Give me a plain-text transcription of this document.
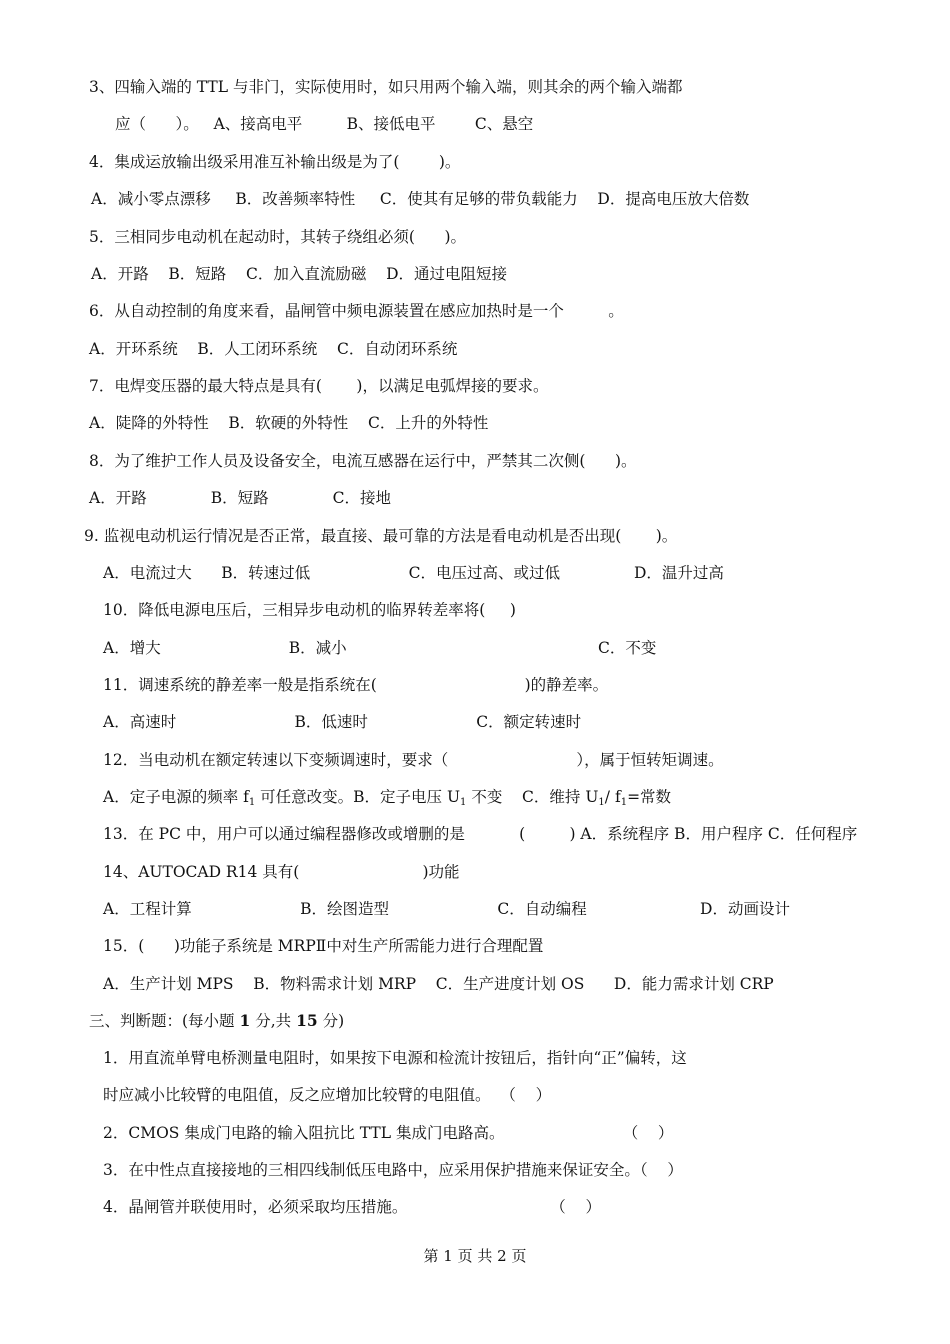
3、四输入端的 TTL 与非门，实际使用时，如只用两个输入端，则其余的两个输入端都
应（      ）。   A、接高电平         B、接低电平        C、悬空
4．集成运放输出级采用准互补输出级是为了(        )。
A．减小零点漂移     B．改善频率特性     C．使其有足够的带负载能力    D．提高电压放大倍数
5．三相同步电动机在起动时，其转子绕组必须(      )。
A．开路    B．短路    C．加入直流励磁    D．通过电阻短接
6．从自动控制的角度来看，晶闸管中频电源装置在感应加热时是一个         。
A．开环系统    B．人工闭环系统    C．自动闭环系统
7．电焊变压器的最大特点是具有(       )，以满足电弧焊接的要求。
A．陡降的外特性    B．软硬的外特性    C．上升的外特性
8．为了维护工作人员及设备安全，电流互感器在运行中，严禁其二次侧(      )。
A．开路             B．短路             C．接地
9. 监视电动机运行情况是否正常，最直接、最可靠的方法是看电动机是否出现(       )。
A．电流过大      B．转速过低                    C．电压过高、或过低               D．温升过高
10．降低电源电压后，三相异步电动机的临界转差率将(     )
A．增大                          B．减小                                                   C．不变
11．调速系统的静差率一般是指系统在(                              )的静差率。
A．高速时                        B．低速时                      C．额定转速时
12．当电动机在额定转速以下变频调速时，要求（                          ），属于恒转矩调速。
A．定子电源的频率 $f_1$ 可任意改变。B．定子电压 $U_1$ 不变    C．维持 $U_1/$ $f_1=$常数
13．在 PC 中，用户可以通过编程器修改或增删的是           (         ) A．系统程序 B．用户程序 C．任何程序
14、AUTOCAD R14 具有(                         )功能
A．工程计算                      B．绘图造型                      C．自动编程                       D．动画设计
15．(      )功能子系统是 MRPⅡ中对生产所需能力进行合理配置
A．生产计划 MPS    B．物料需求计划 MRP    C．生产进度计划 OS      D．能力需求计划 CRP
三、判断题：(每小题 1 分,共 15 分)
1．用直流单臂电桥测量电阻时，如果按下电源和检流计按钮后，指针向“正”偏转，这
时应减小比较臂的电阻值，反之应增加比较臂的电阻值。  （    ）
2．CMOS 集成门电路的输入阻抗比 TTL 集成门电路高。                        （    ）
3．在中性点直接接地的三相四线制低压电路中，应采用保护措施来保证安全。（    ）
4．晶闸管并联使用时，必须采取均压措施。                             （    ）
第 1 页 共 2 页
